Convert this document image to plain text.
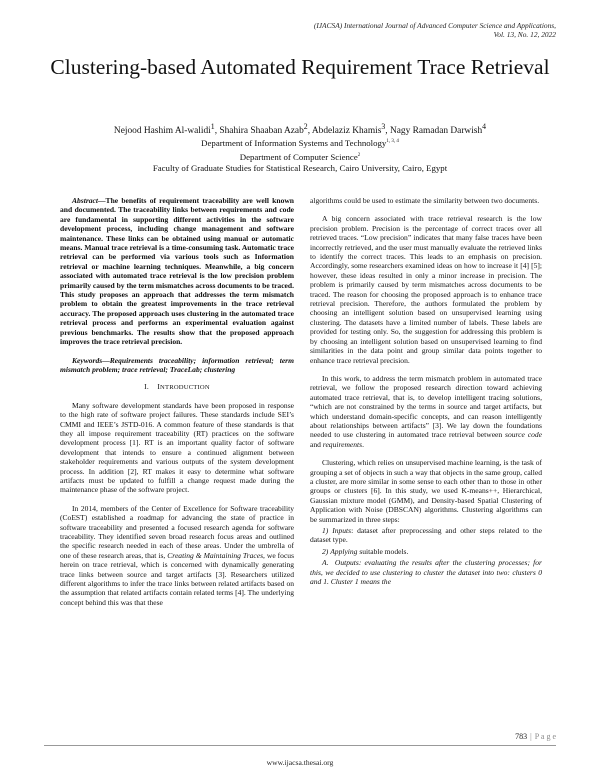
(IJACSA) International Journal of Advanced Computer Science and Applications,
Vol. 13, No. 12, 2022
Clustering-based Automated Requirement Trace Retrieval
Nejood Hashim Al-walidi$^1$, Shahira Shaaban Azab$^2$, Abdelaziz Khamis$^3$, Nagy Ramadan Darwish$^4$
Department of Information Systems and Technology$^{1, 3, 4}$
Department of Computer Science$^2$
Faculty of Graduate Studies for Statistical Research, Cairo University, Cairo, Egypt

Abstract—The benefits of requirement traceability are well known and documented. The traceability links between requirements and code are fundamental in supporting different activities in the software development process, including change management and software maintenance. These links can be obtained using manual or automatic means. Manual trace retrieval is a time-consuming task. Automatic trace retrieval can be performed via various tools such as Information retrieval or machine learning techniques. Meanwhile, a big concern associated with automated trace retrieval is the low precision problem primarily caused by the term mismatches across documents to be traced. This study proposes an approach that addresses the term mismatch problem to obtain the greatest improvements in the trace retrieval accuracy. The proposed approach uses clustering in the automated trace retrieval process and performs an experimental evaluation against previous benchmarks. The results show that the proposed approach improves the trace retrieval precision.

Keywords—Requirements traceability; information retrieval; term mismatch problem; trace retrieval; TraceLab; clustering

I. INTRODUCTION

Many software development standards have been proposed in response to the high rate of software project failures. These standards include SEI’s CMMI and IEEE’s JSTD-016. A common feature of these standards is that they all impose requirement traceability (RT) practices on the software development process [1]. RT is an important quality factor of software development that intends to ensure a continued alignment between stakeholder requirements and various outputs of the system development process. In addition [2], RT makes it easy to determine what software artifacts must be updated to fulfill a change request made during the maintenance phase of the software project.

In 2014, members of the Center of Excellence for Software traceability (CoEST) established a roadmap for advancing the state of practice in software traceability and presented a focused research agenda for software traceability. They identified seven broad research focus areas and outlined the specific research needed in each of these areas. Under the umbrella of one of these research areas, that is, Creating & Maintaining Traces, we focus herein on trace retrieval, which is concerned with dynamically generating trace links between source and target artifacts [3]. Researchers utilized different algorithms to infer the trace links between related artifacts based on the assumption that related artifacts contain related terms [4]. The underlying concept behind this was that these

algorithms could be used to estimate the similarity between two documents.

A big concern associated with trace retrieval research is the low precision problem. Precision is the percentage of correct traces over all retrieved traces. “Low precision” indicates that many false traces have been incorrectly retrieved, and the user must manually evaluate the retrieved links to identify the correct traces. This leads to an emphasis on precision. Accordingly, some researchers examined ideas on how to increase it [4] [5]; however, these ideas resulted in only a minor increase in precision. The problem is primarily caused by term mismatches across documents to be traced. The reason for choosing the proposed approach is to enhance trace retrieval precision. Therefore, the authors formulated the problem by choosing an intelligent solution based on unsupervised learning using clustering. The datasets have a limited number of labels. These labels are provided for testing only. So, the suggestion for addressing this problem is by choosing an intelligent solution based on unsupervised learning to find similarities in the data point and group similar data points together to enhance trace retrieval precision.

In this work, to address the term mismatch problem in automated trace retrieval, we follow the proposed research direction toward achieving automated trace retrieval, that is, to develop intelligent tracing solutions, “which are not constrained by the terms in source and target artifacts, but which understand domain-specific concepts, and can reason intelligently about relationships between artifacts” [3]. We lay down the foundations needed to use clustering in automated trace retrieval between source code and requirements.

Clustering, which relies on unsupervised machine learning, is the task of grouping a set of objects in such a way that objects in the same group, called a cluster, are more similar in some sense to each other than to those in other groups or clusters [6]. In this study, we used K-means++, Hierarchical, Gaussian mixture model (GMM), and Density-based Spatial Clustering of Application with Noise (DBSCAN) algorithms. Clustering algorithms can be summarized in three steps:

1) Inputs: dataset after preprocessing and other steps related to the dataset type.

2) Applying suitable models.

A. Outputs: evaluating the results after the clustering processes; for this, we decided to use clustering to cluster the dataset into two: clusters 0 and 1. Cluster 1 means the

783 | P a g e
www.ijacsa.thesai.org
